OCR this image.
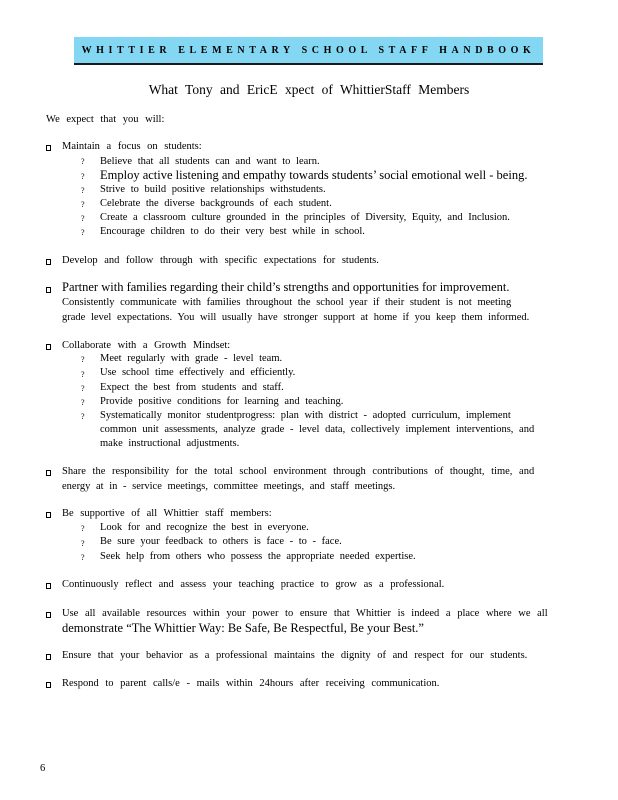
WHITTIER ELEMENTARY SCHOOL STAFF HANDBOOK
What Tony and EricE xpect of WhittierStaff Members
We expect that you will:
Maintain a focus on students:
? Believe that all students can and want to learn.
? Employ active listening and empathy towards students’ social emotional well - being.
? Strive to build positive relationships withstudents.
? Celebrate the diverse backgrounds of each student.
? Create a classroom culture grounded in the principles of Diversity, Equity, and Inclusion.
? Encourage children to do their very best while in school.
Develop and follow through with specific expectations for students.
Partner with families regarding their child’s strengths and opportunities for improvement.
Consistently communicate with families throughout the school year if their student is not meeting
grade level expectations. You will usually have stronger support at home if you keep them informed.
Collaborate with a Growth Mindset:
? Meet regularly with grade - level team.
? Use school time effectively and efficiently.
? Expect the best from students and staff.
? Provide positive conditions for learning and teaching.
? Systematically monitor studentprogress: plan with district - adopted curriculum, implement
common unit assessments, analyze grade - level data, collectively implement interventions, and
make instructional adjustments.
Share the responsibility for the total school environment through contributions of thought, time, and
energy at in - service meetings, committee meetings, and staff meetings.
Be supportive of all Whittier staff members:
? Look for and recognize the best in everyone.
? Be sure your feedback to others is face - to - face.
? Seek help from others who possess the appropriate needed expertise.
Continuously reflect and assess your teaching practice to grow as a professional.
Use all available resources within your power to ensure that Whittier is indeed a place where we all
demonstrate “The Whittier Way: Be Safe, Be Respectful, Be your Best.”
Ensure that your behavior as a professional maintains the dignity of and respect for our students.
Respond to parent calls/e - mails within 24hours after receiving communication.
6
